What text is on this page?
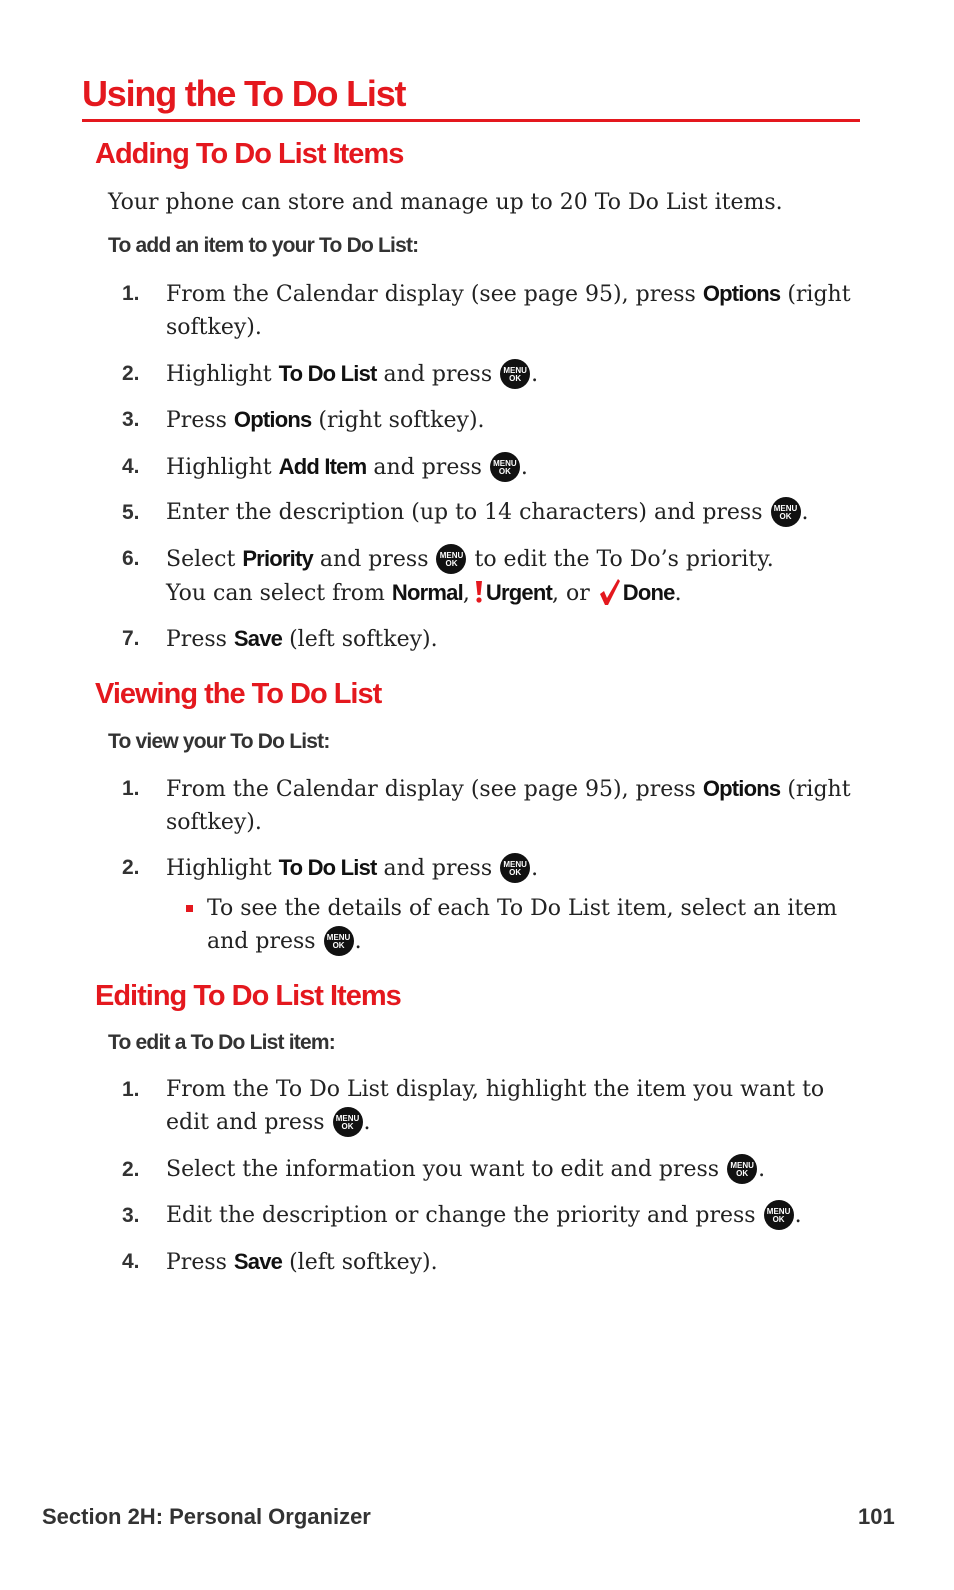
Using the To Do List
Adding To Do List Items

Your phone can store and manage up to 20 To Do List items.

To add an item to your To Do List:

1.	From the Calendar display (see page 95), press Options (right softkey).
2.	Highlight To Do List and press MENU
OK .
3.	Press Options (right softkey).
4.	Highlight Add Item and press MENU
OK .
5.	Enter the description (up to 14 characters) and press MENU
OK .
6.	Select Priority and press MENU
OK to edit the To Do’s priority.
You can select from Normal, Urgent, or Done.
7.	Press Save (left softkey).
Viewing the To Do List

To view your To Do List:

1.	From the Calendar display (see page 95), press Options (right softkey).
2.	Highlight To Do List and press MENU
OK .
To see the details of each To Do List item, select an item and press MENU
OK .
Editing To Do List Items

To edit a To Do List item:

1.	From the To Do List display, highlight the item you want to edit and press MENU
OK .
2.	Select the information you want to edit and press MENU
OK .
3.	Edit the description or change the priority and press MENU
OK .
4.	Press Save (left softkey).
Section 2H: Personal Organizer	101
